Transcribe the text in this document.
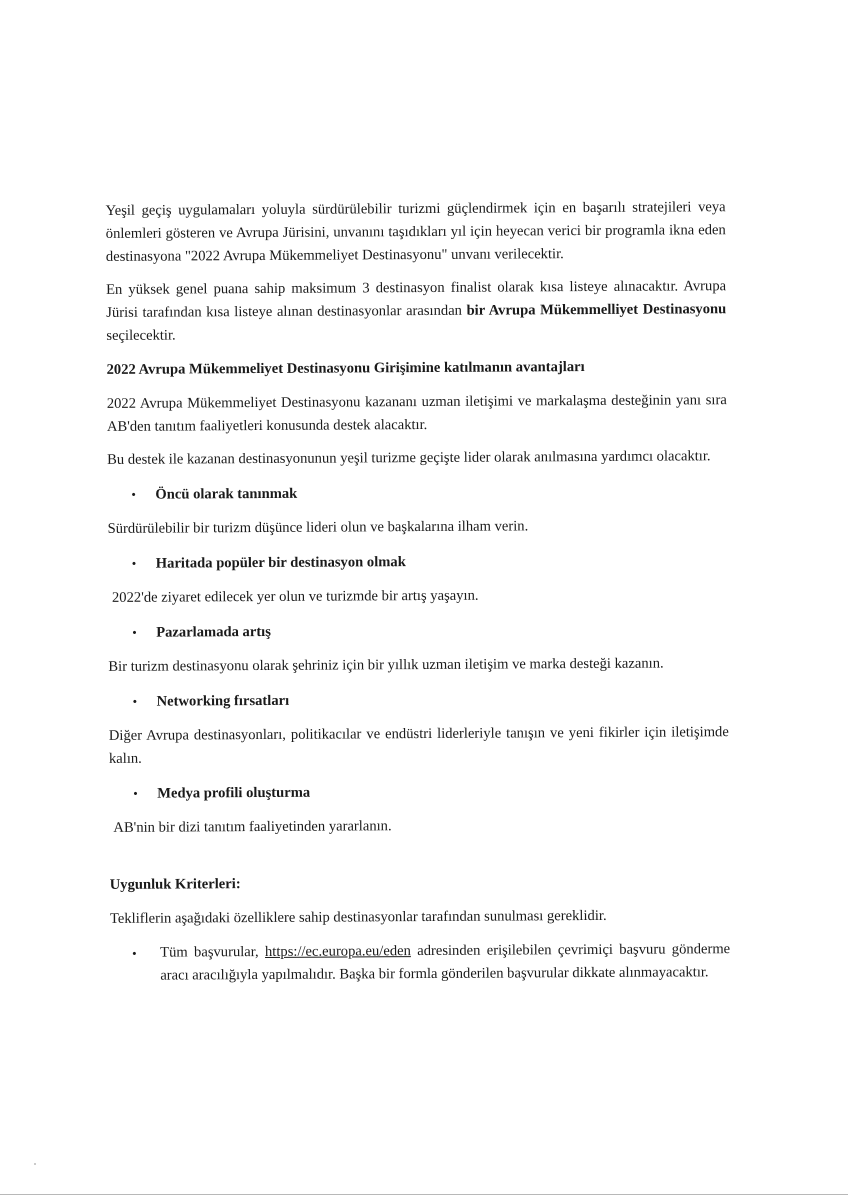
Yeşil geçiş uygulamaları yoluyla sürdürülebilir turizmi güçlendirmek için en başarılı stratejileri veya önlemleri gösteren ve Avrupa Jürisini, unvanını taşıdıkları yıl için heyecan verici bir programla ikna eden destinasyona "2022 Avrupa Mükemmeliyet Destinasyonu" unvanı verilecektir.

En yüksek genel puana sahip maksimum 3 destinasyon finalist olarak kısa listeye alınacaktır. Avrupa Jürisi tarafından kısa listeye alınan destinasyonlar arasından bir Avrupa Mükemmelliyet Destinasyonu seçilecektir.

2022 Avrupa Mükemmeliyet Destinasyonu Girişimine katılmanın avantajları

2022 Avrupa Mükemmeliyet Destinasyonu kazananı uzman iletişimi ve markalaşma desteğinin yanı sıra AB'den tanıtım faaliyetleri konusunda destek alacaktır.

Bu destek ile kazanan destinasyonunun yeşil turizme geçişte lider olarak anılmasına yardımcı olacaktır.

•	Öncü olarak tanınmak

Sürdürülebilir bir turizm düşünce lideri olun ve başkalarına ilham verin.

•	Haritada popüler bir destinasyon olmak

2022'de ziyaret edilecek yer olun ve turizmde bir artış yaşayın.

•	Pazarlamada artış

Bir turizm destinasyonu olarak şehriniz için bir yıllık uzman iletişim ve marka desteği kazanın.

•	Networking fırsatları

Diğer Avrupa destinasyonları, politikacılar ve endüstri liderleriyle tanışın ve yeni fikirler için iletişimde kalın.

•	Medya profili oluşturma

AB'nin bir dizi tanıtım faaliyetinden yararlanın.

Uygunluk Kriterleri:

Tekliflerin aşağıdaki özelliklere sahip destinasyonlar tarafından sunulması gereklidir.

•	Tüm başvurular, https://ec.europa.eu/eden adresinden erişilebilen çevrimiçi başvuru gönderme aracı aracılığıyla yapılmalıdır. Başka bir formla gönderilen başvurular dikkate alınmayacaktır.
